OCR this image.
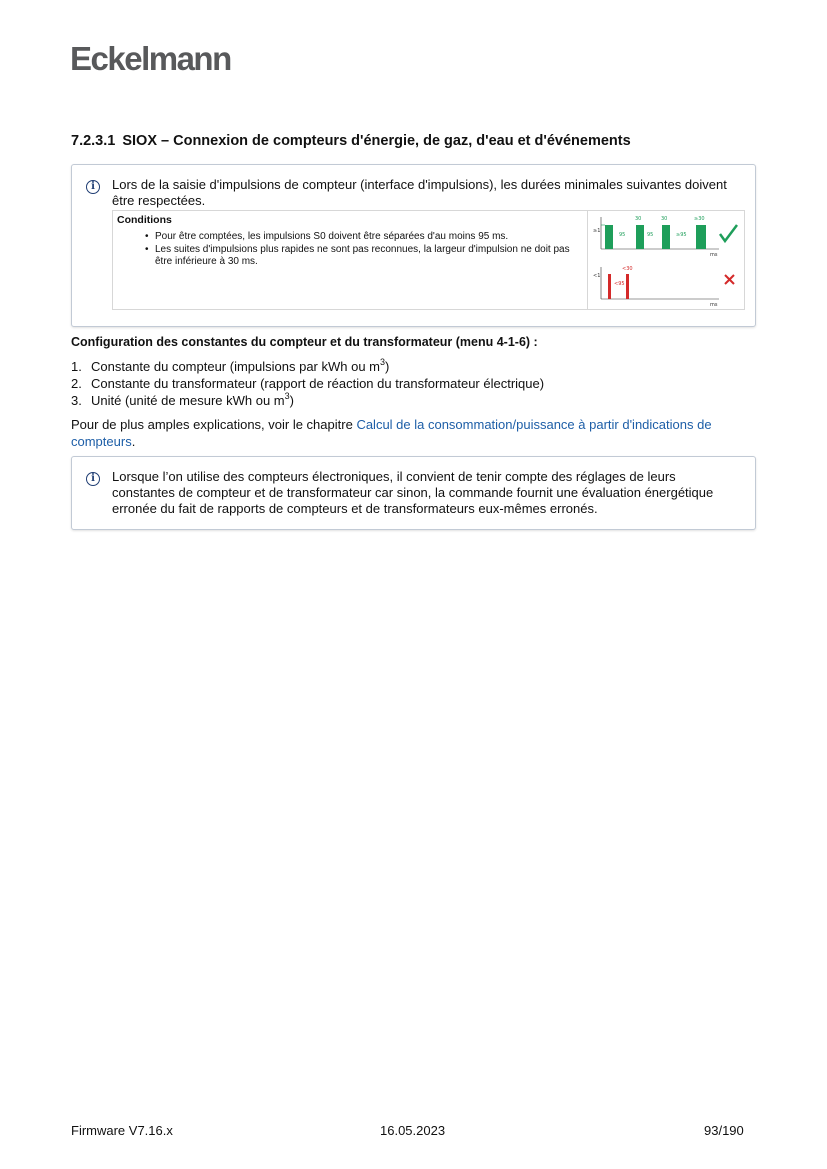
Eckelmann
7.2.3.1 SIOX – Connexion de compteurs d'énergie, de gaz, d'eau et d'événements
i	Lors de la saisie d'impulsions de compteur (interface d'impulsions), les durées minimales suivantes doivent être respectées.
Conditions
• Pour être comptées, les impulsions S0 doivent être séparées d'au moins 95 ms.
• Les suites d'impulsions plus rapides ne sont pas reconnues, la largeur d'impulsion ne doit pas être inférieure à 30 ms.
≥1
ms
30	30	≥30
95	95	≥95
<1
ms
<30
<95
Configuration des constantes du compteur et du transformateur (menu 4-1-6) :
1. Constante du compteur (impulsions par kWh ou $m^3$)
2. Constante du transformateur (rapport de réaction du transformateur électrique)
3. Unité (unité de mesure kWh ou $m^3$)
Pour de plus amples explications, voir le chapitre Calcul de la consommation/puissance à partir d'indications de compteurs.
i	Lorsque l’on utilise des compteurs électroniques, il convient de tenir compte des réglages de leurs constantes de compteur et de transformateur car sinon, la commande fournit une évaluation énergétique erronée du fait de rapports de compteurs et de transformateurs eux-mêmes erronés.
Firmware V7.16.x	16.05.2023	93/190
